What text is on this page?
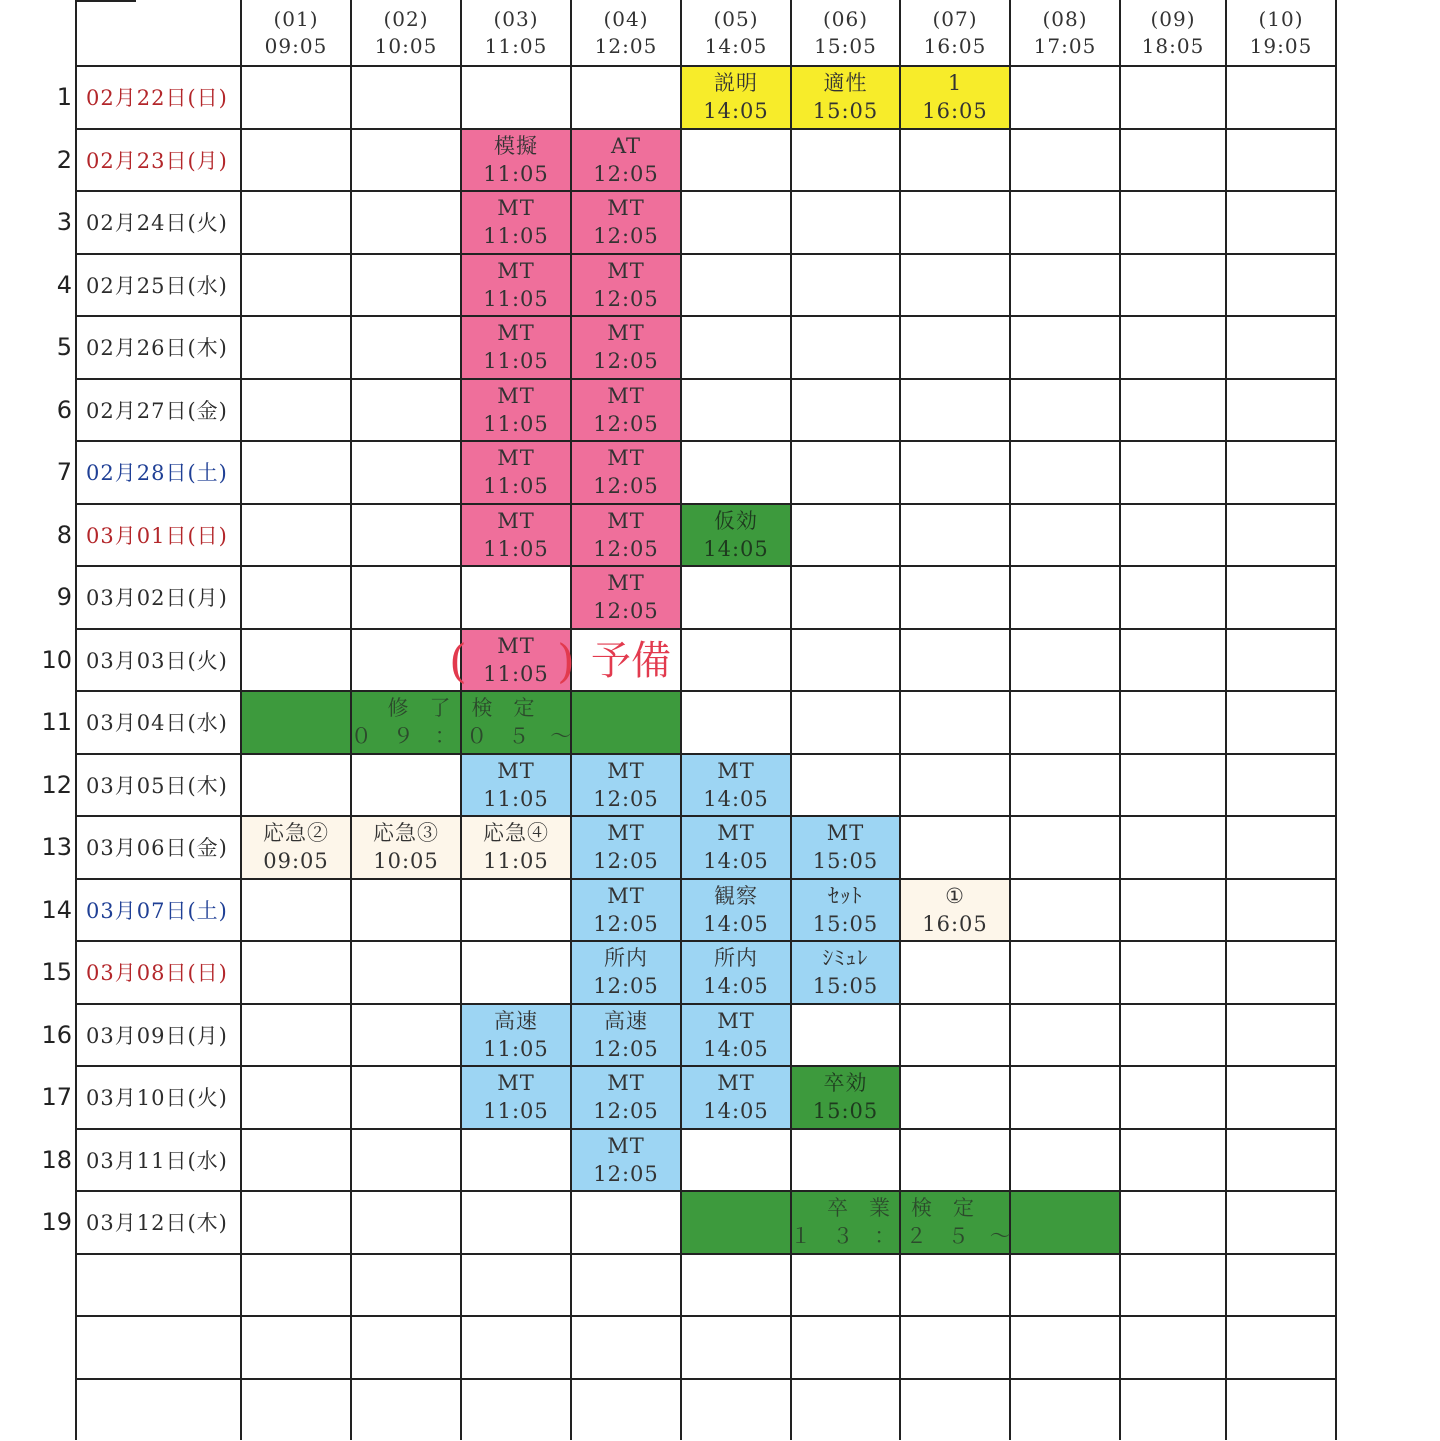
説明
14:05
適性
15:05
1
16:05
模擬
11:05
AT
12:05
MT
11:05
MT
12:05
MT
11:05
MT
12:05
MT
11:05
MT
12:05
MT
11:05
MT
12:05
MT
11:05
MT
12:05
MT
11:05
MT
12:05
仮効
14:05
MT
12:05
MT
11:05
MT
11:05
MT
12:05
MT
14:05
応急②
09:05
応急③
10:05
応急④
11:05
MT
12:05
MT
14:05
MT
15:05
MT
12:05
観察
14:05
ｾｯﾄ
15:05
①
16:05
所内
12:05
所内
14:05
ｼﾐｭﾚ
15:05
高速
11:05
高速
12:05
MT
14:05
MT
11:05
MT
12:05
MT
14:05
卒効
15:05
MT
12:05
修　了　検　定
０　９　：　０　５　～
卒　業　検　定
１　３　：　２　５　～
(01)
09:05
(02)
10:05
(03)
11:05
(04)
12:05
(05)
14:05
(06)
15:05
(07)
16:05
(08)
17:05
(09)
18:05
(10)
19:05
1 02月22日(日)
2 02月23日(月)
3 02月24日(火)
4 02月25日(水)
5 02月26日(木)
6 02月27日(金)
7 02月28日(土)
8 03月01日(日)
9 03月02日(月)
10 03月03日(火)
11 03月04日(水)
12 03月05日(木)
13 03月06日(金)
14 03月07日(土)
15 03月08日(日)
16 03月09日(月)
17 03月10日(火)
18 03月11日(水)
19 03月12日(木)
予備
( )
